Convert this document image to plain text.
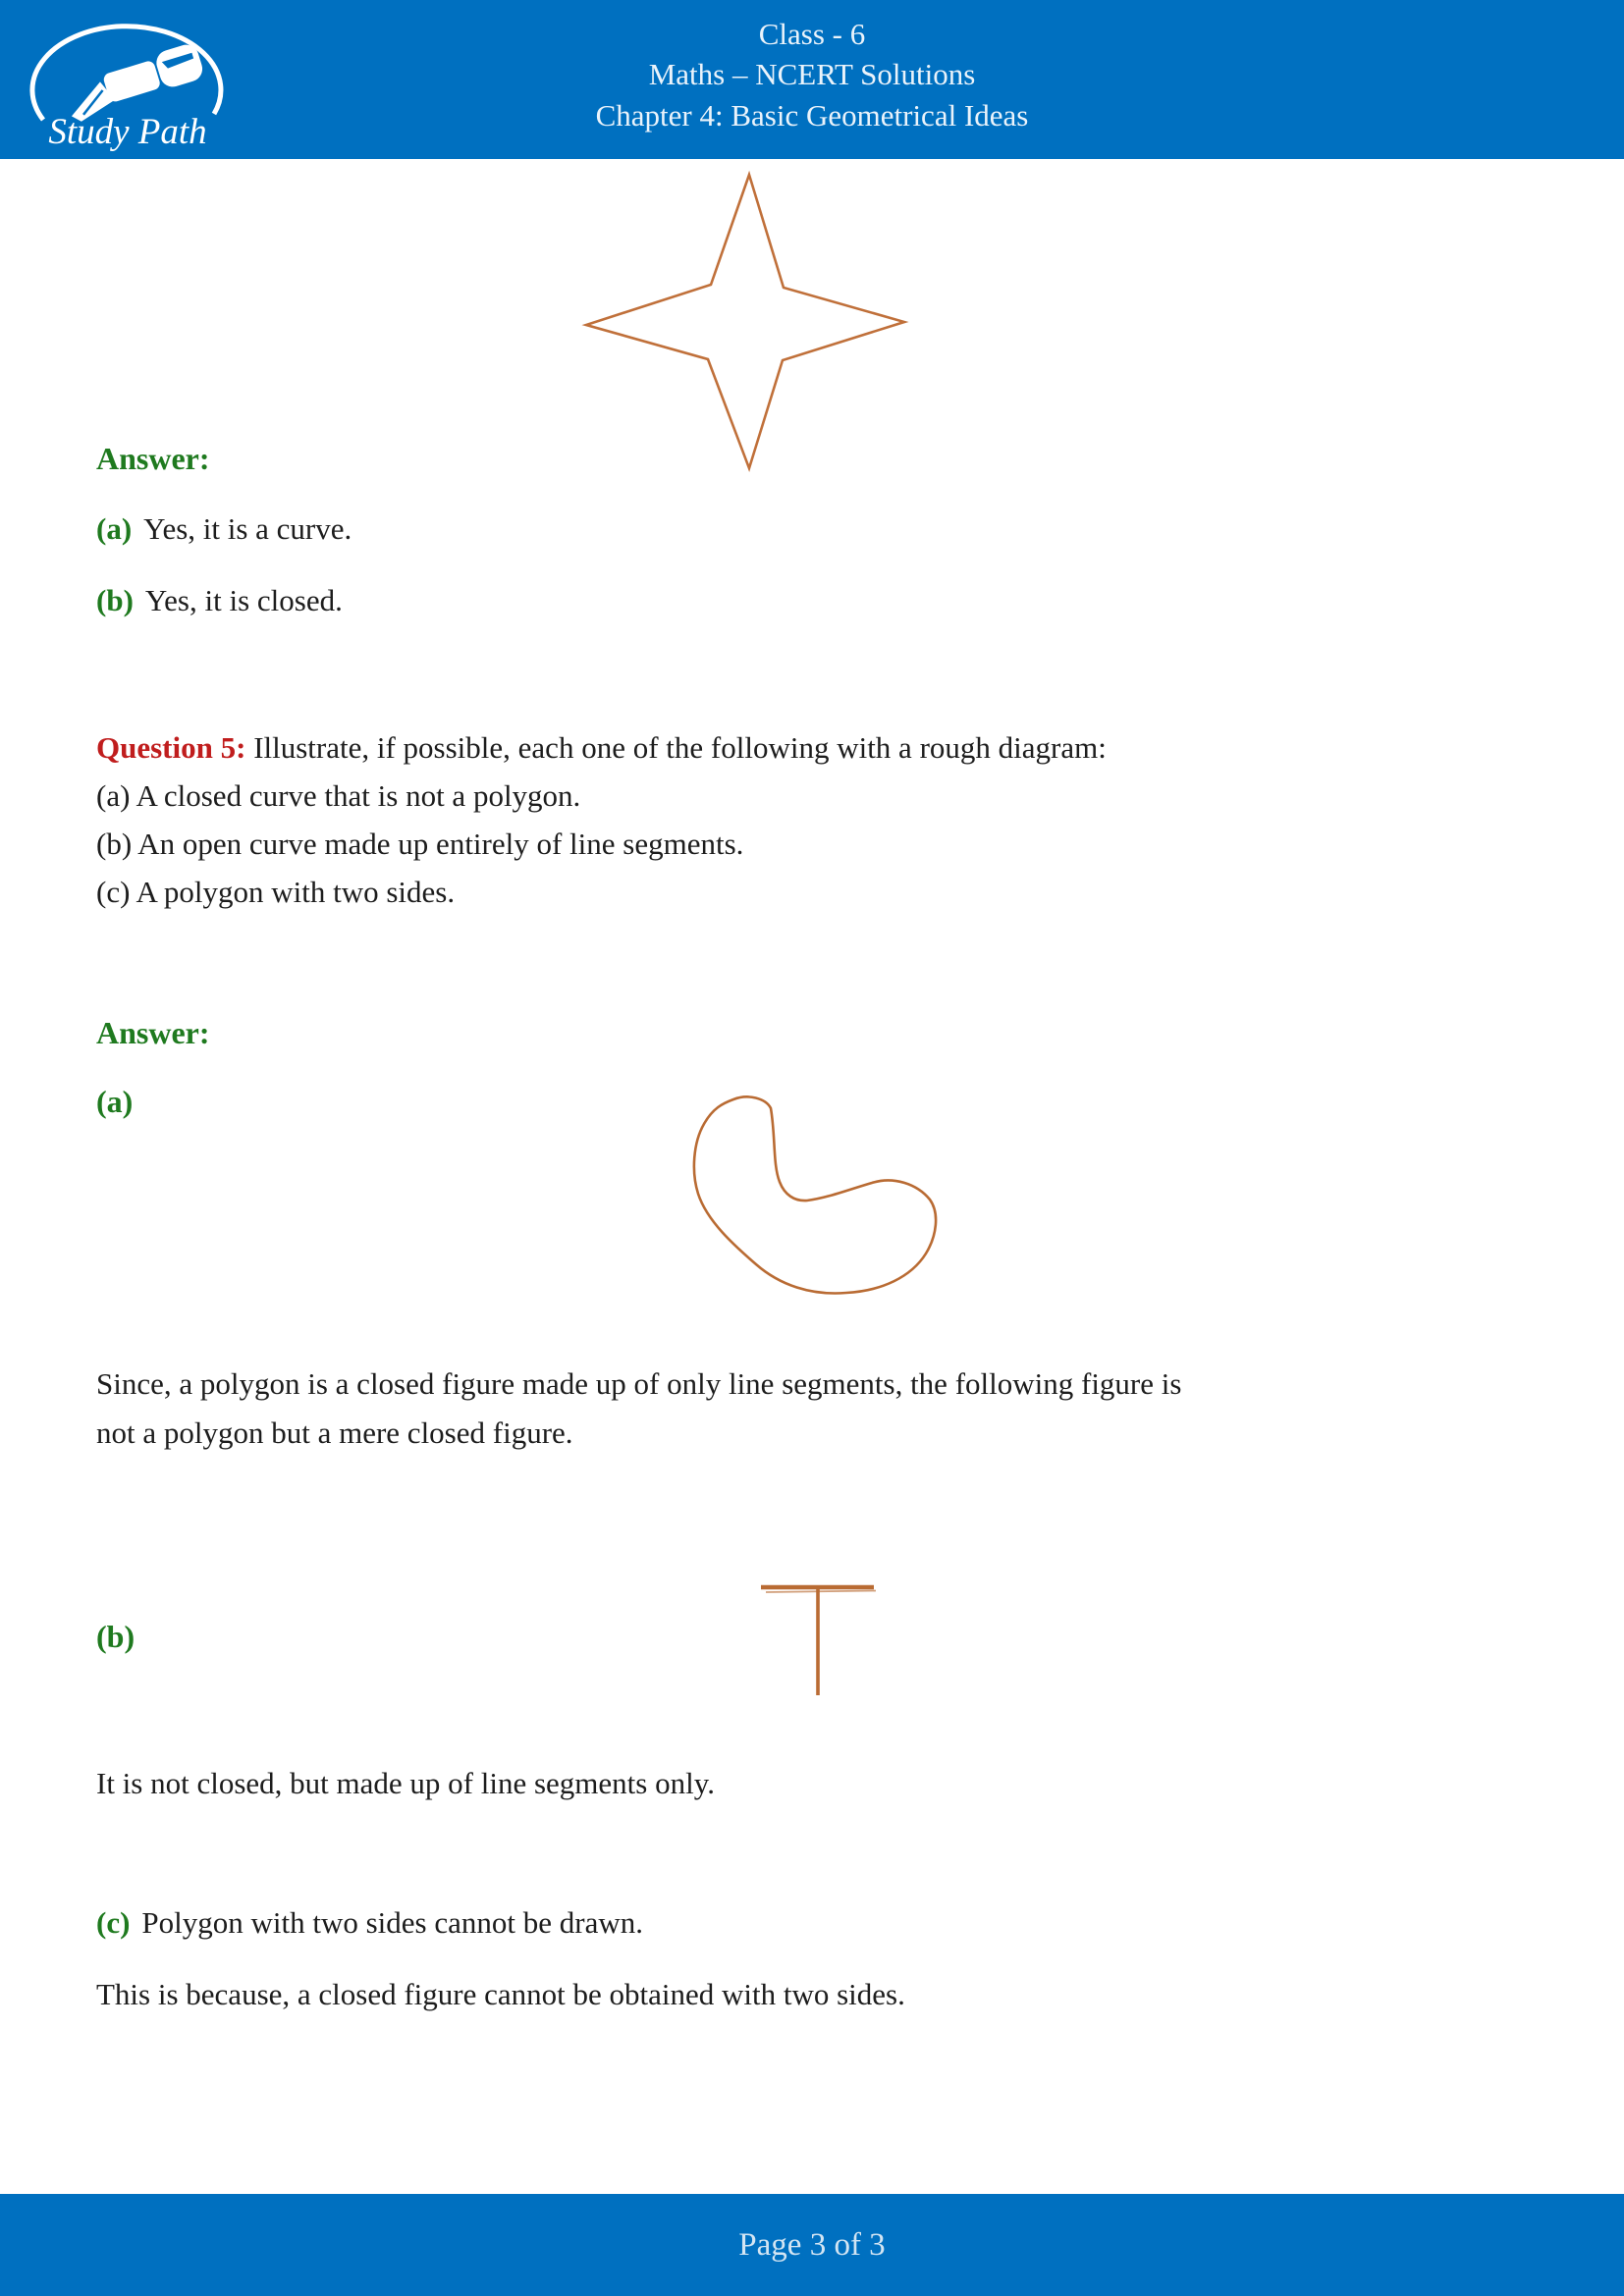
Study Path
Class - 6
Maths – NCERT Solutions
Chapter 4: Basic Geometrical Ideas
Answer:
(a) Yes, it is a curve.
(b) Yes, it is closed.

Question 5: Illustrate, if possible, each one of the following with a rough diagram:

(a) A closed curve that is not a polygon.
(b) An open curve made up entirely of line segments.
(c) A polygon with two sides.
Answer:
(a)
Since, a polygon is a closed figure made up of only line segments, the following figure is
not a polygon but a mere closed figure.
(b)
It is not closed, but made up of line segments only.
(c) Polygon with two sides cannot be drawn.
This is because, a closed figure cannot be obtained with two sides.
Page 3 of 3
